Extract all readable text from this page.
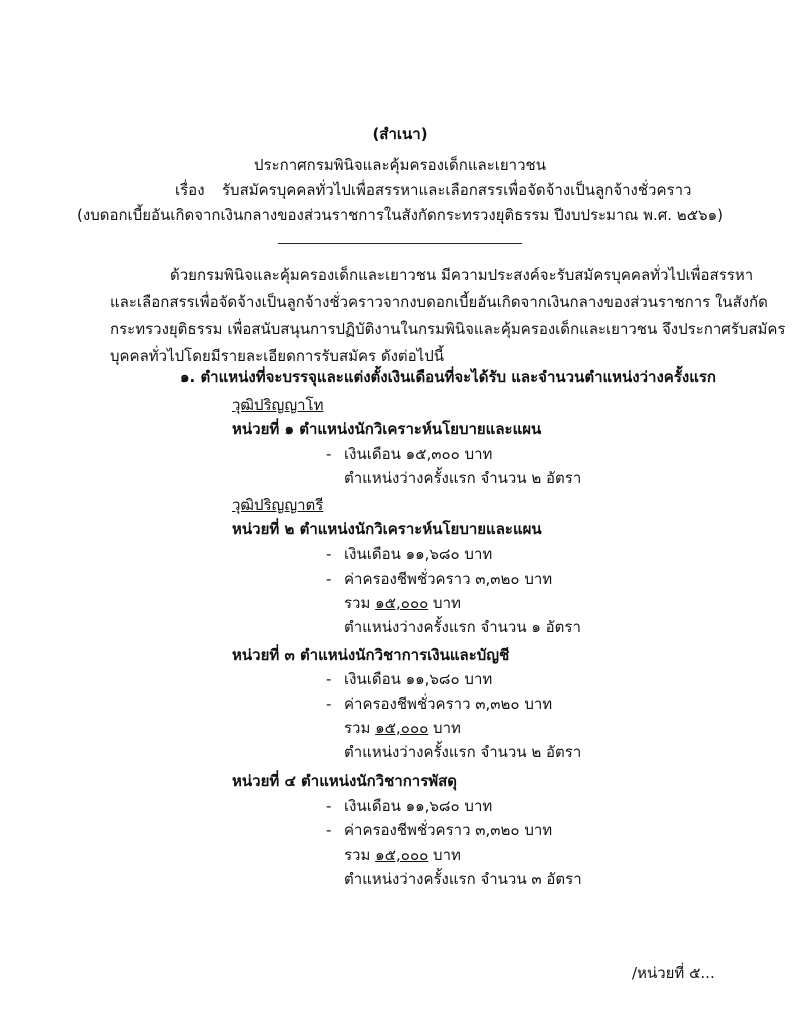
(สำเนา)
ประกาศกรมพินิจและคุ้มครองเด็กและเยาวชน
เรื่อง รับสมัครบุคคลทั่วไปเพื่อสรรหาและเลือกสรรเพื่อจัดจ้างเป็นลูกจ้างชั่วคราว
(งบดอกเบี้ยอันเกิดจากเงินกลางของส่วนราชการในสังกัดกระทรวงยุติธรรม ปีงบประมาณ พ.ศ. ๒๕๖๑)
ด้วยกรมพินิจและคุ้มครองเด็กและเยาวชน มีความประสงค์จะรับสมัครบุคคลทั่วไปเพื่อสรรหา
และเลือกสรรเพื่อจัดจ้างเป็นลูกจ้างชั่วคราวจากงบดอกเบี้ยอันเกิดจากเงินกลางของส่วนราชการ ในสังกัด
กระทรวงยุติธรรม เพื่อสนับสนุนการปฏิบัติงานในกรมพินิจและคุ้มครองเด็กและเยาวชน จึงประกาศรับสมัคร
บุคคลทั่วไปโดยมีรายละเอียดการรับสมัคร ดังต่อไปนี้
๑. ตำแหน่งที่จะบรรจุและแต่งตั้งเงินเดือนที่จะได้รับ และจำนวนตำแหน่งว่างครั้งแรก
วุฒิปริญญาโท
หน่วยที่ ๑ ตำแหน่งนักวิเคราะห์นโยบายและแผน
- เงินเดือน ๑๕,๓๐๐ บาท
ตำแหน่งว่างครั้งแรก จำนวน ๒ อัตรา
วุฒิปริญญาตรี
หน่วยที่ ๒ ตำแหน่งนักวิเคราะห์นโยบายและแผน
- เงินเดือน ๑๑,๖๘๐ บาท
- ค่าครองชีพชั่วคราว ๓,๓๒๐ บาท
รวม ๑๕,๐๐๐ บาท
ตำแหน่งว่างครั้งแรก จำนวน ๑ อัตรา
หน่วยที่ ๓ ตำแหน่งนักวิชาการเงินและบัญชี
- เงินเดือน ๑๑,๖๘๐ บาท
- ค่าครองชีพชั่วคราว ๓,๓๒๐ บาท
รวม ๑๕,๐๐๐ บาท
ตำแหน่งว่างครั้งแรก จำนวน ๒ อัตรา
หน่วยที่ ๔ ตำแหน่งนักวิชาการพัสดุ
- เงินเดือน ๑๑,๖๘๐ บาท
- ค่าครองชีพชั่วคราว ๓,๓๒๐ บาท
รวม ๑๕,๐๐๐ บาท
ตำแหน่งว่างครั้งแรก จำนวน ๓ อัตรา
/หน่วยที่ ๕...
